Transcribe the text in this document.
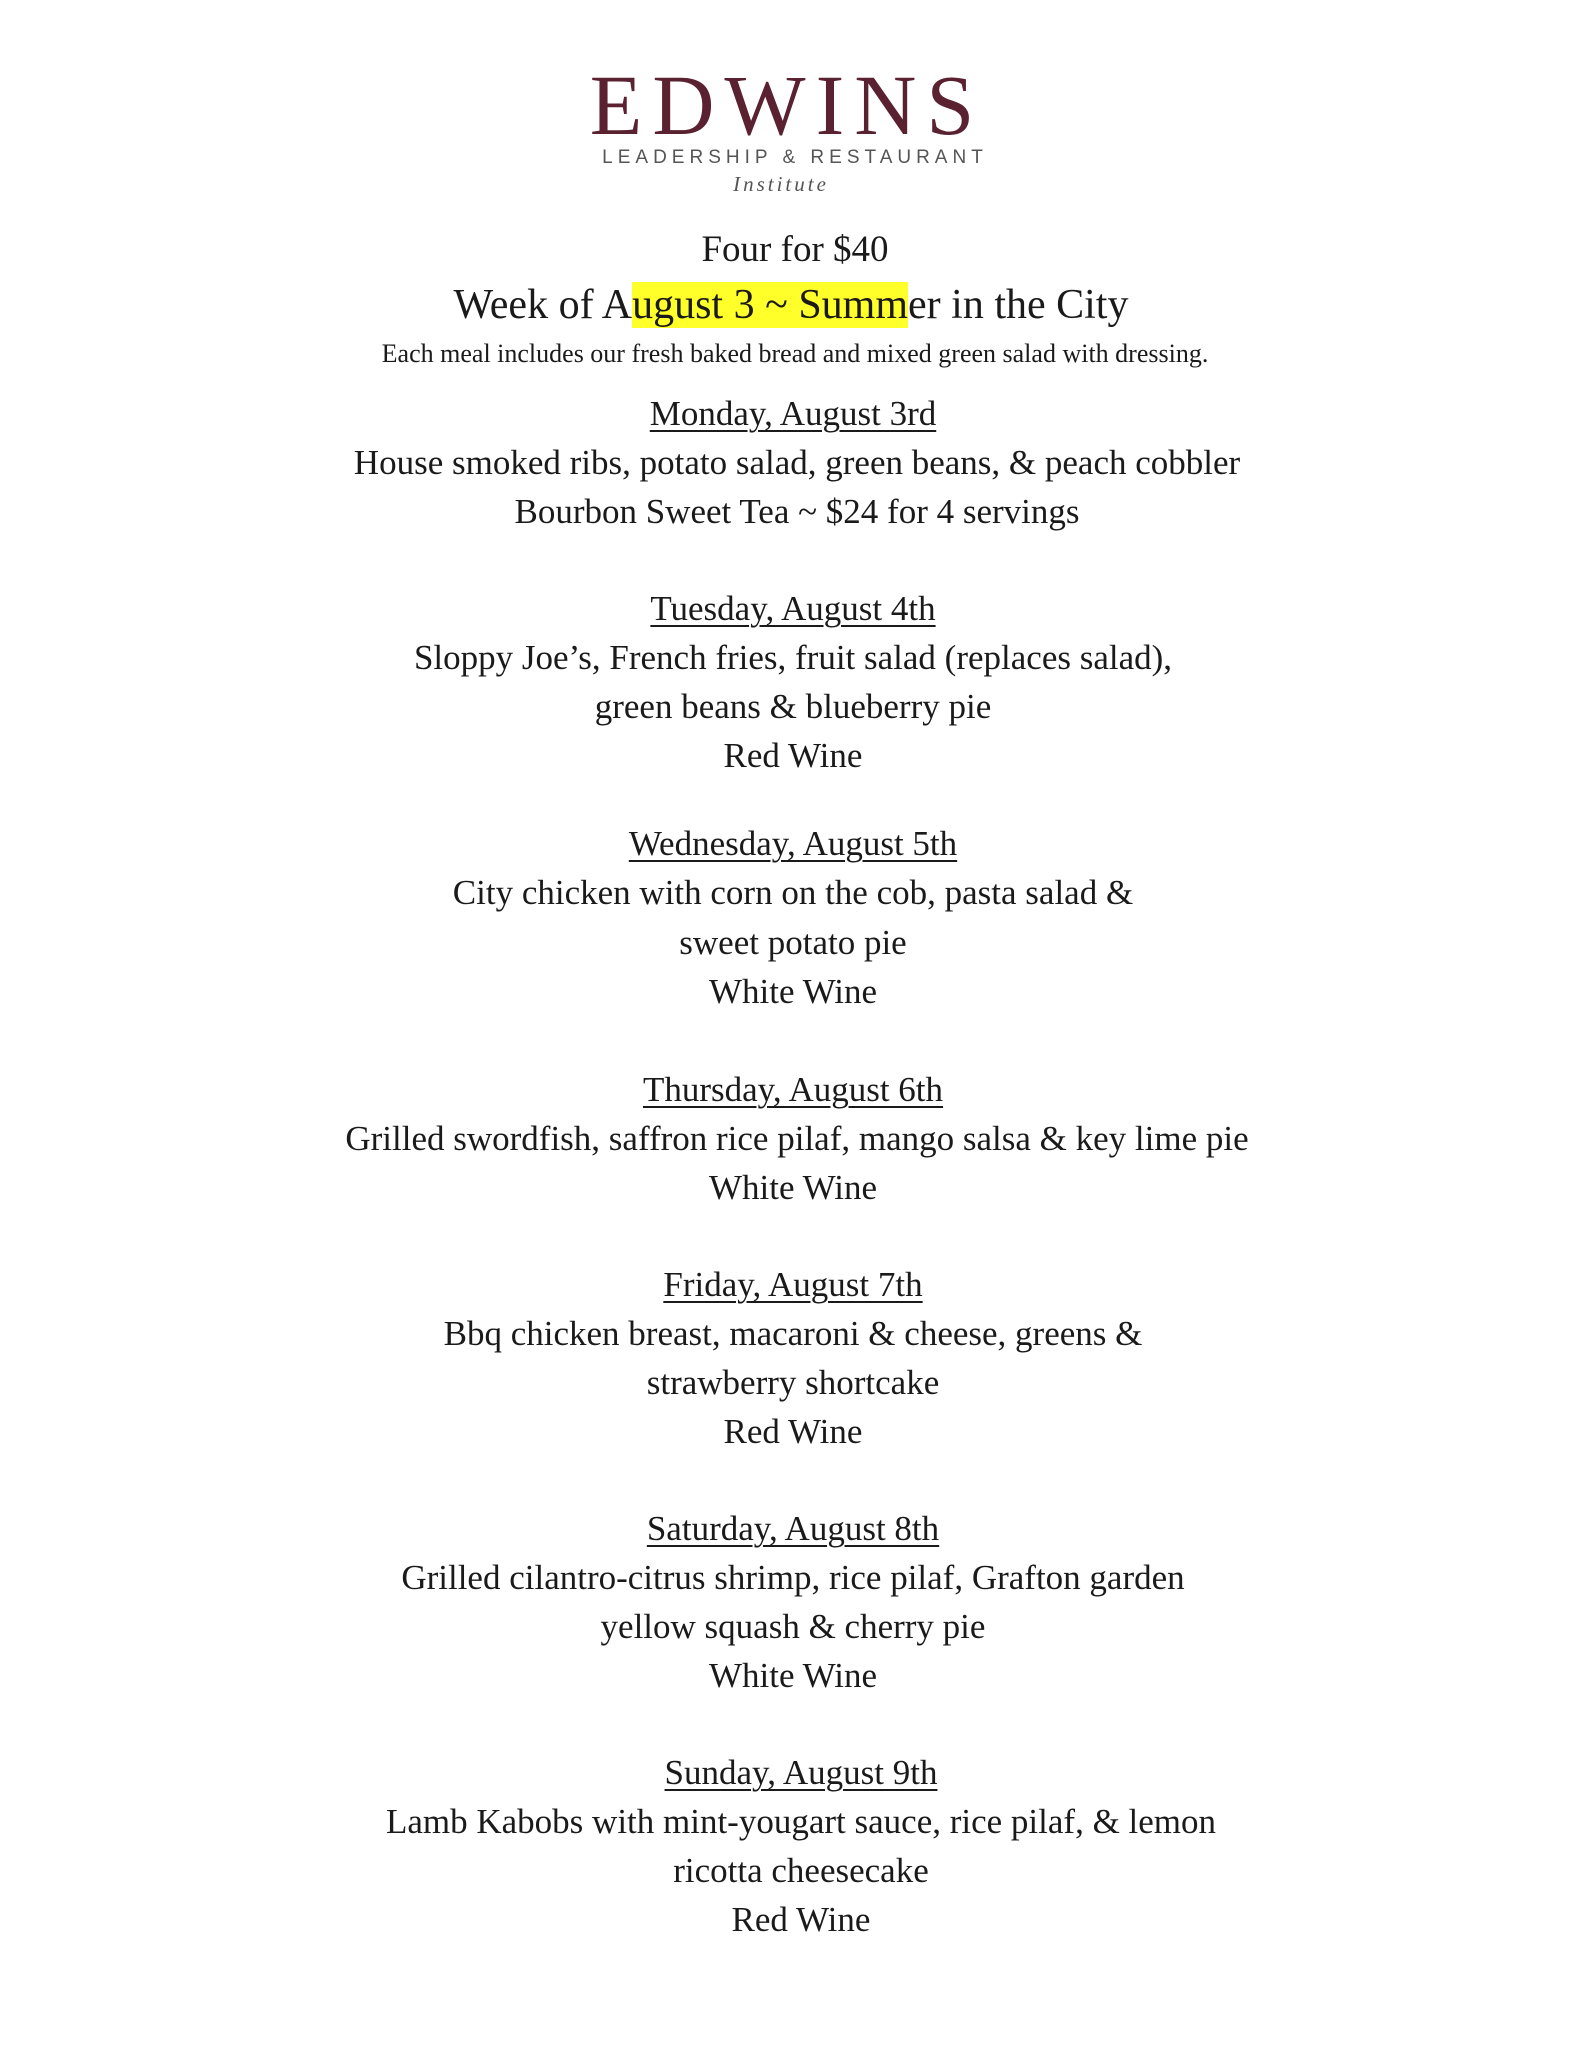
EDWINS
LEADERSHIP & RESTAURANT
Institute
Four for $40
Week of August 3 ~ Summer in the City
Each meal includes our fresh baked bread and mixed green salad with dressing.
Monday, August 3rd
House smoked ribs, potato salad, green beans, & peach cobbler
Bourbon Sweet Tea ~ $24 for 4 servings
Tuesday, August 4th
Sloppy Joe’s, French fries, fruit salad (replaces salad),
green beans & blueberry pie
Red Wine
Wednesday, August 5th
City chicken with corn on the cob, pasta salad &
sweet potato pie
White Wine
Thursday, August 6th
Grilled swordfish, saffron rice pilaf, mango salsa & key lime pie
White Wine
Friday, August 7th
Bbq chicken breast, macaroni & cheese, greens &
strawberry shortcake
Red Wine
Saturday, August 8th
Grilled cilantro-citrus shrimp, rice pilaf, Grafton garden
yellow squash & cherry pie
White Wine
Sunday, August 9th
Lamb Kabobs with mint-yougart sauce, rice pilaf, & lemon
ricotta cheesecake
Red Wine
